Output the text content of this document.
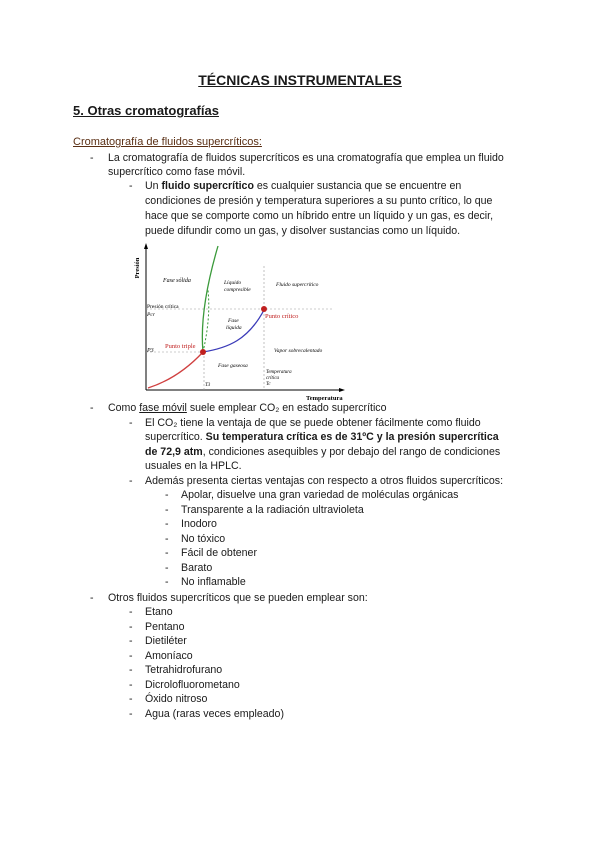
TÉCNICAS INSTRUMENTALES
5. Otras cromatografías
Cromatografía de fluidos supercríticos:
- La cromatografía de fluidos supercríticos es una cromatografía que emplea un fluido
supercrítico como fase móvil.
- Un fluido supercrítico es cualquier sustancia que se encuentre en
condiciones de presión y temperatura superiores a su punto crítico, lo que
hace que se comporte como un híbrido entre un líquido y un gas, es decir,
puede difundir como un gas, y disolver sustancias como un líquido.
Presión
Temperatura
Fase sólida	Líquido
compresible
Fluido supercrítico
Presión crítica
Pcr	Punto crítico
Fase
líquida
P3
Punto triple
Vapor sobrecalentado
Fase gaseosa
T3
Temperatura
crítica
Tc
- Como fase móvil suele emplear CO₂ en estado supercrítico
- El CO₂ tiene la ventaja de que se puede obtener fácilmente como fluido
supercrítico. Su temperatura crítica es de 31ºC y la presión supercrítica
de 72,9 atm, condiciones asequibles y por debajo del rango de condiciones
usuales en la HPLC.
- Además presenta ciertas ventajas con respecto a otros fluidos supercríticos:
- Apolar, disuelve una gran variedad de moléculas orgánicas
- Transparente a la radiación ultravioleta
- Inodoro
- No tóxico
- Fácil de obtener
- Barato
- No inflamable
- Otros fluidos supercríticos que se pueden emplear son:
- Etano
- Pentano
- Dietiléter
- Amoníaco
- Tetrahidrofurano
- Dicrolofluorometano
- Óxido nitroso
- Agua (raras veces empleado)
